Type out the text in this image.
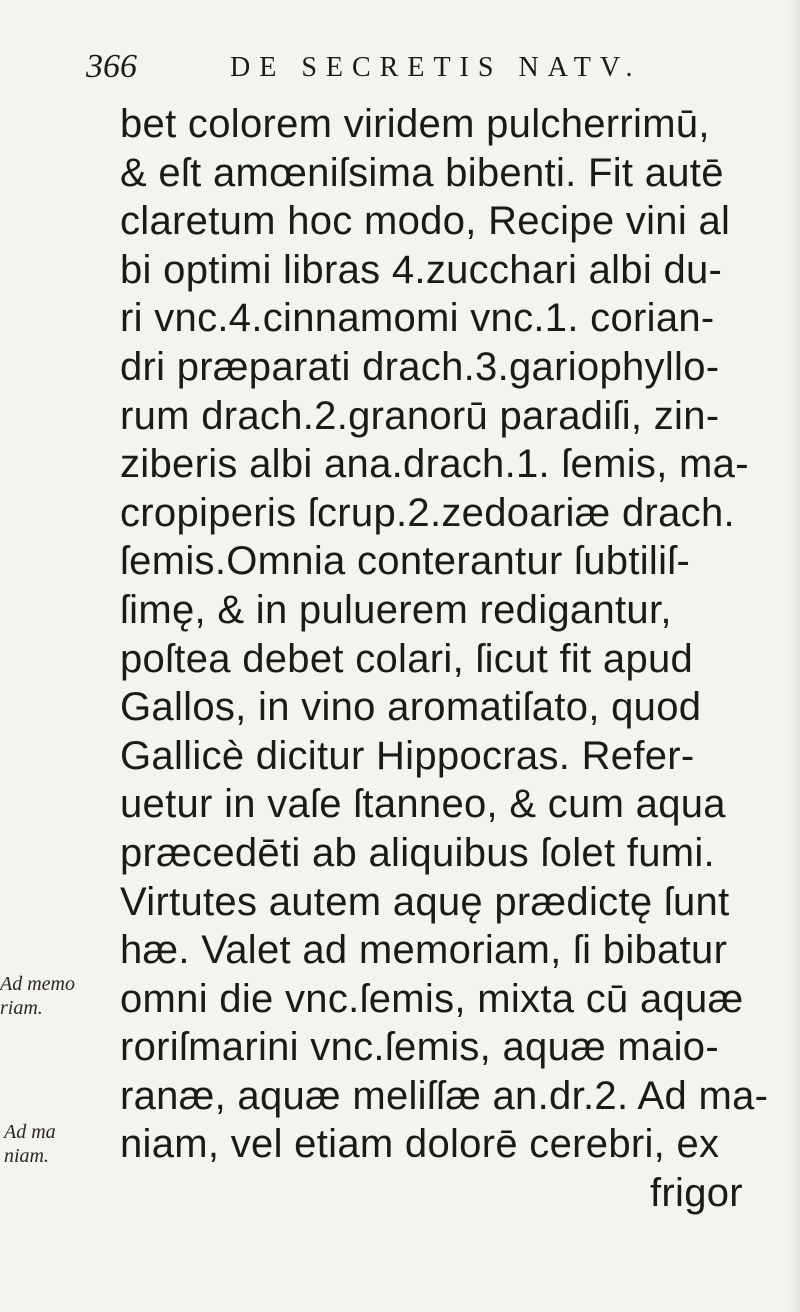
366	DE SECRETIS NATV.
bet colorem viridem pulcherrimū,
& eſt amœniſsima bibenti. Fit autē
claretum hoc modo, Recipe vini al
bi optimi libras 4.zucchari albi du-
ri vnc.4.cinnamomi vnc.1. corian-
dri præparati drach.3.gariophyllo-
rum drach.2.granorū paradiſi, zin-
ziberis albi ana.drach.1. ſemis, ma-
cropiperis ſcrup.2.zedoariæ drach.
ſemis.Omnia conterantur ſubtiliſ-
ſimę, & in puluerem redigantur,
poſtea debet colari, ſicut fit apud
Gallos, in vino aromatiſato, quod
Gallicè dicitur Hippocras. Refer-
uetur in vaſe ſtanneo, & cum aqua
præcedēti ab aliquibus ſolet fumi.
Virtutes autem aquę prædictę ſunt
hæ. Valet ad memoriam, ſi bibatur
omni die vnc.ſemis, mixta cū aquæ
roriſmarini vnc.ſemis, aquæ maio-
ranæ, aquæ meliſſæ an.dr.2. Ad ma-
niam, vel etiam dolorē cerebri, ex
frigor
Ad memo
riam.
Ad ma
niam.
